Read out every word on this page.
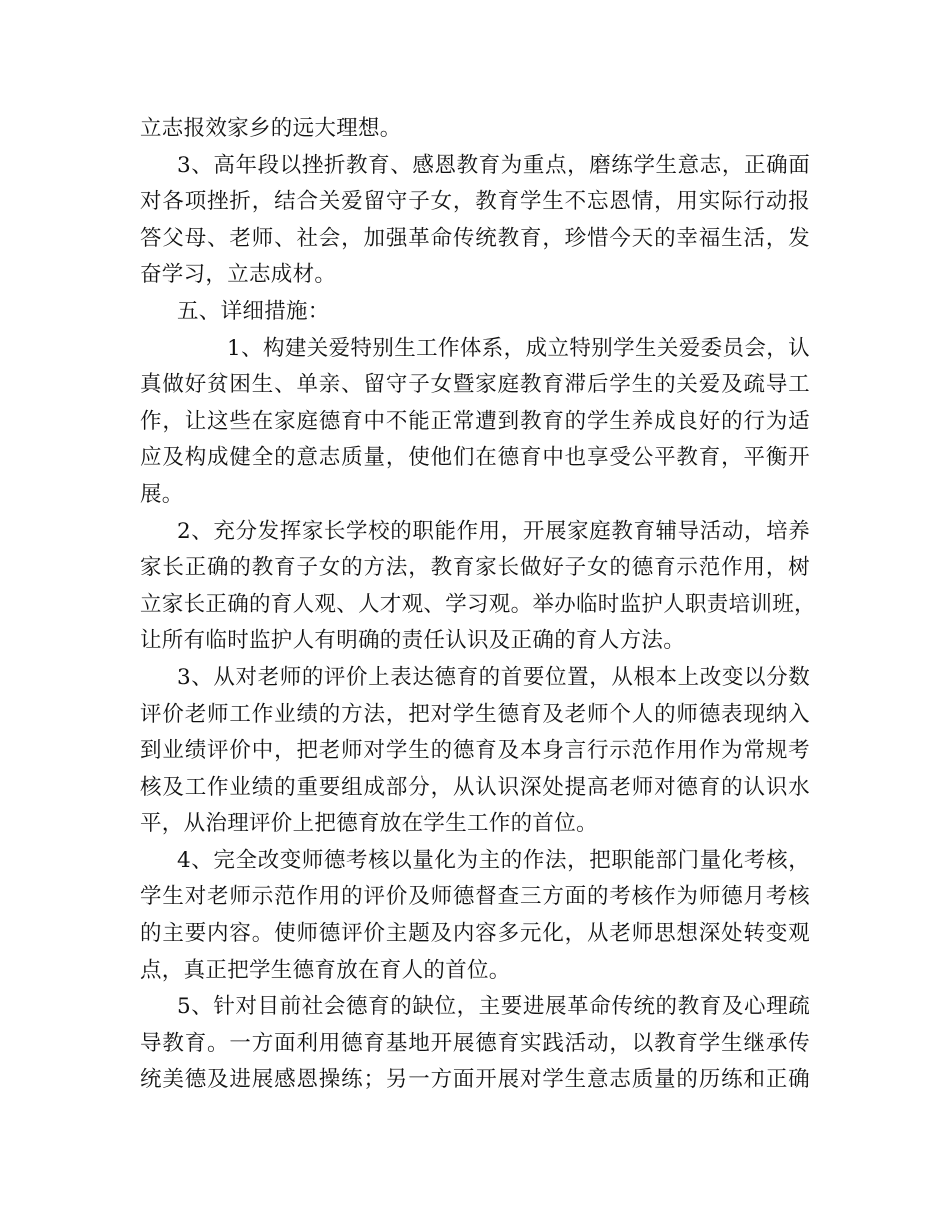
立志报效家乡的远大理想。
3、高年段以挫折教育、感恩教育为重点，磨练学生意志，正确面
对各项挫折，结合关爱留守子女，教育学生不忘恩情，用实际行动报
答父母、老师、社会，加强革命传统教育，珍惜今天的幸福生活，发
奋学习，立志成材。
五、详细措施：
1、构建关爱特别生工作体系，成立特别学生关爱委员会，认
真做好贫困生、单亲、留守子女暨家庭教育滞后学生的关爱及疏导工
作，让这些在家庭德育中不能正常遭到教育的学生养成良好的行为适
应及构成健全的意志质量，使他们在德育中也享受公平教育，平衡开
展。
2、充分发挥家长学校的职能作用，开展家庭教育辅导活动，培养
家长正确的教育子女的方法，教育家长做好子女的德育示范作用，树
立家长正确的育人观、人才观、学习观。举办临时监护人职责培训班，
让所有临时监护人有明确的责任认识及正确的育人方法。
3、从对老师的评价上表达德育的首要位置，从根本上改变以分数
评价老师工作业绩的方法，把对学生德育及老师个人的师德表现纳入
到业绩评价中，把老师对学生的德育及本身言行示范作用作为常规考
核及工作业绩的重要组成部分，从认识深处提高老师对德育的认识水
平，从治理评价上把德育放在学生工作的首位。
4、完全改变师德考核以量化为主的作法，把职能部门量化考核，
学生对老师示范作用的评价及师德督查三方面的考核作为师德月考核
的主要内容。使师德评价主题及内容多元化，从老师思想深处转变观
点，真正把学生德育放在育人的首位。
5、针对目前社会德育的缺位，主要进展革命传统的教育及心理疏
导教育。一方面利用德育基地开展德育实践活动，以教育学生继承传
统美德及进展感恩操练；另一方面开展对学生意志质量的历练和正确
